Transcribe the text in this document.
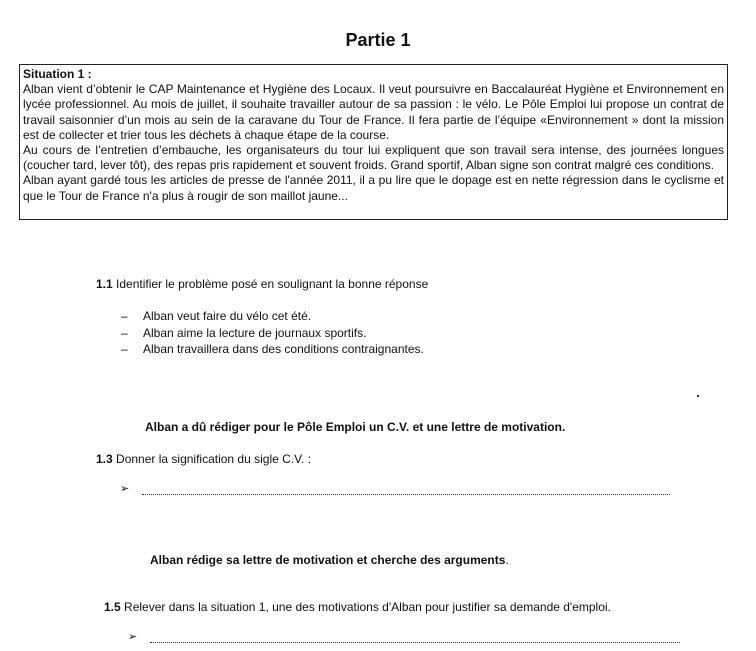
Partie 1
Situation 1 :

Alban vient d’obtenir le CAP Maintenance et Hygiène des Locaux. Il veut poursuivre en Baccalauréat Hygiène et Environnement en lycée professionnel. Au mois de juillet, il souhaite travailler autour de sa passion : le vélo. Le Pôle Emploi lui propose un contrat de travail saisonnier d’un mois au sein de la caravane du Tour de France. Il fera partie de l’équipe «Environnement » dont la mission est de collecter et trier tous les déchets à chaque étape de la course.

Au cours de l’entretien d’embauche, les organisateurs du tour lui expliquent que son travail sera intense, des journées longues (coucher tard, lever tôt), des repas pris rapidement et souvent froids. Grand sportif, Alban signe son contrat malgré ces conditions.

Alban ayant gardé tous les articles de presse de l'année 2011, il a pu lire que le dopage est en nette régression dans le cyclisme et que le Tour de France n'a plus à rougir de son maillot jaune...

1.1 Identifier le problème posé en soulignant la bonne réponse
– Alban veut faire du vélo cet été.
– Alban aime la lecture de journaux sportifs.
– Alban travaillera dans des conditions contraignantes.
Alban a dû rédiger pour le Pôle Emploi un C.V. et une lettre de motivation.
1.3 Donner la signification du sigle C.V. :
➢
Alban rédige sa lettre de motivation et cherche des arguments.
1.5 Relever dans la situation 1, une des motivations d'Alban pour justifier sa demande d'emploi.
➢
